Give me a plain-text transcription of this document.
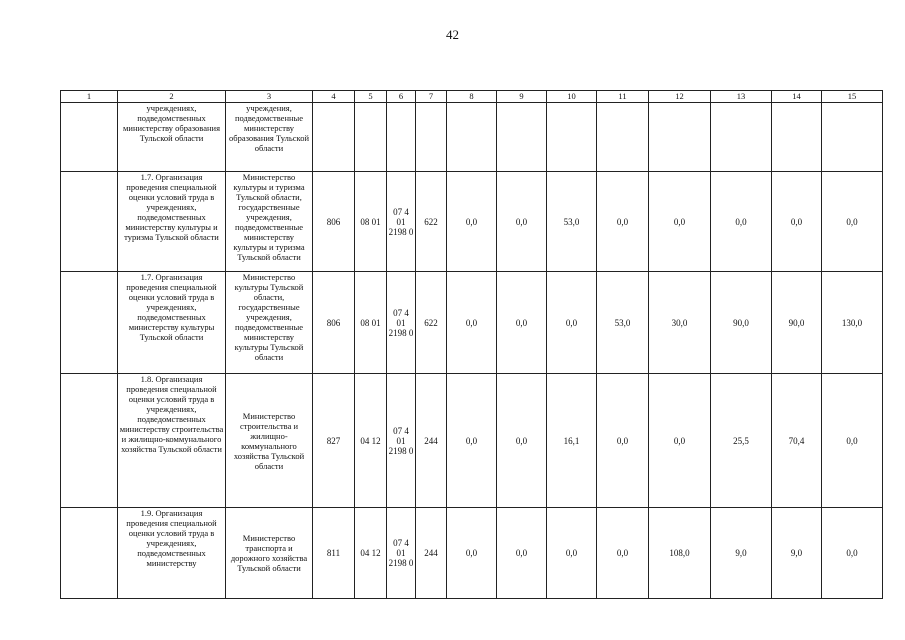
42
1	2	3	4	5	6	7	8	9	10	11	12	13	14	15
	учреждениях, подведомственных министерству образования Тульской области	учреждения, подведомственные министерству образования Тульской области												
	1.7. Организация проведения специальной оценки условий труда в учреждениях, подведомственных министерству культуры и туризма Тульской области	Министерство культуры и туризма Тульской области, государственные учреждения, подведомственные министерству культуры и туризма Тульской области	806	08 01	07 4 01 2198 0	622	0,0	0,0	53,0	0,0	0,0	0,0	0,0	0,0
	1.7. Организация проведения специальной оценки условий труда в учреждениях, подведомственных министерству культуры Тульской области	Министерство культуры Тульской области, государственные учреждения, подведомственные министерству культуры Тульской области	806	08 01	07 4 01 2198 0	622	0,0	0,0	0,0	53,0	30,0	90,0	90,0	130,0
	1.8. Организация проведения специальной оценки условий труда в учреждениях, подведомственных министерству строительства и жилищно-коммунального хозяйства Тульской области	Министерство строительства и жилищно-коммунального хозяйства Тульской области	827	04 12	07 4 01 2198 0	244	0,0	0,0	16,1	0,0	0,0	25,5	70,4	0,0
	1.9. Организация проведения специальной оценки условий труда в учреждениях, подведомственных министерству	Министерство транспорта и дорожного хозяйства Тульской области	811	04 12	07 4 01 2198 0	244	0,0	0,0	0,0	0,0	108,0	9,0	9,0	0,0
